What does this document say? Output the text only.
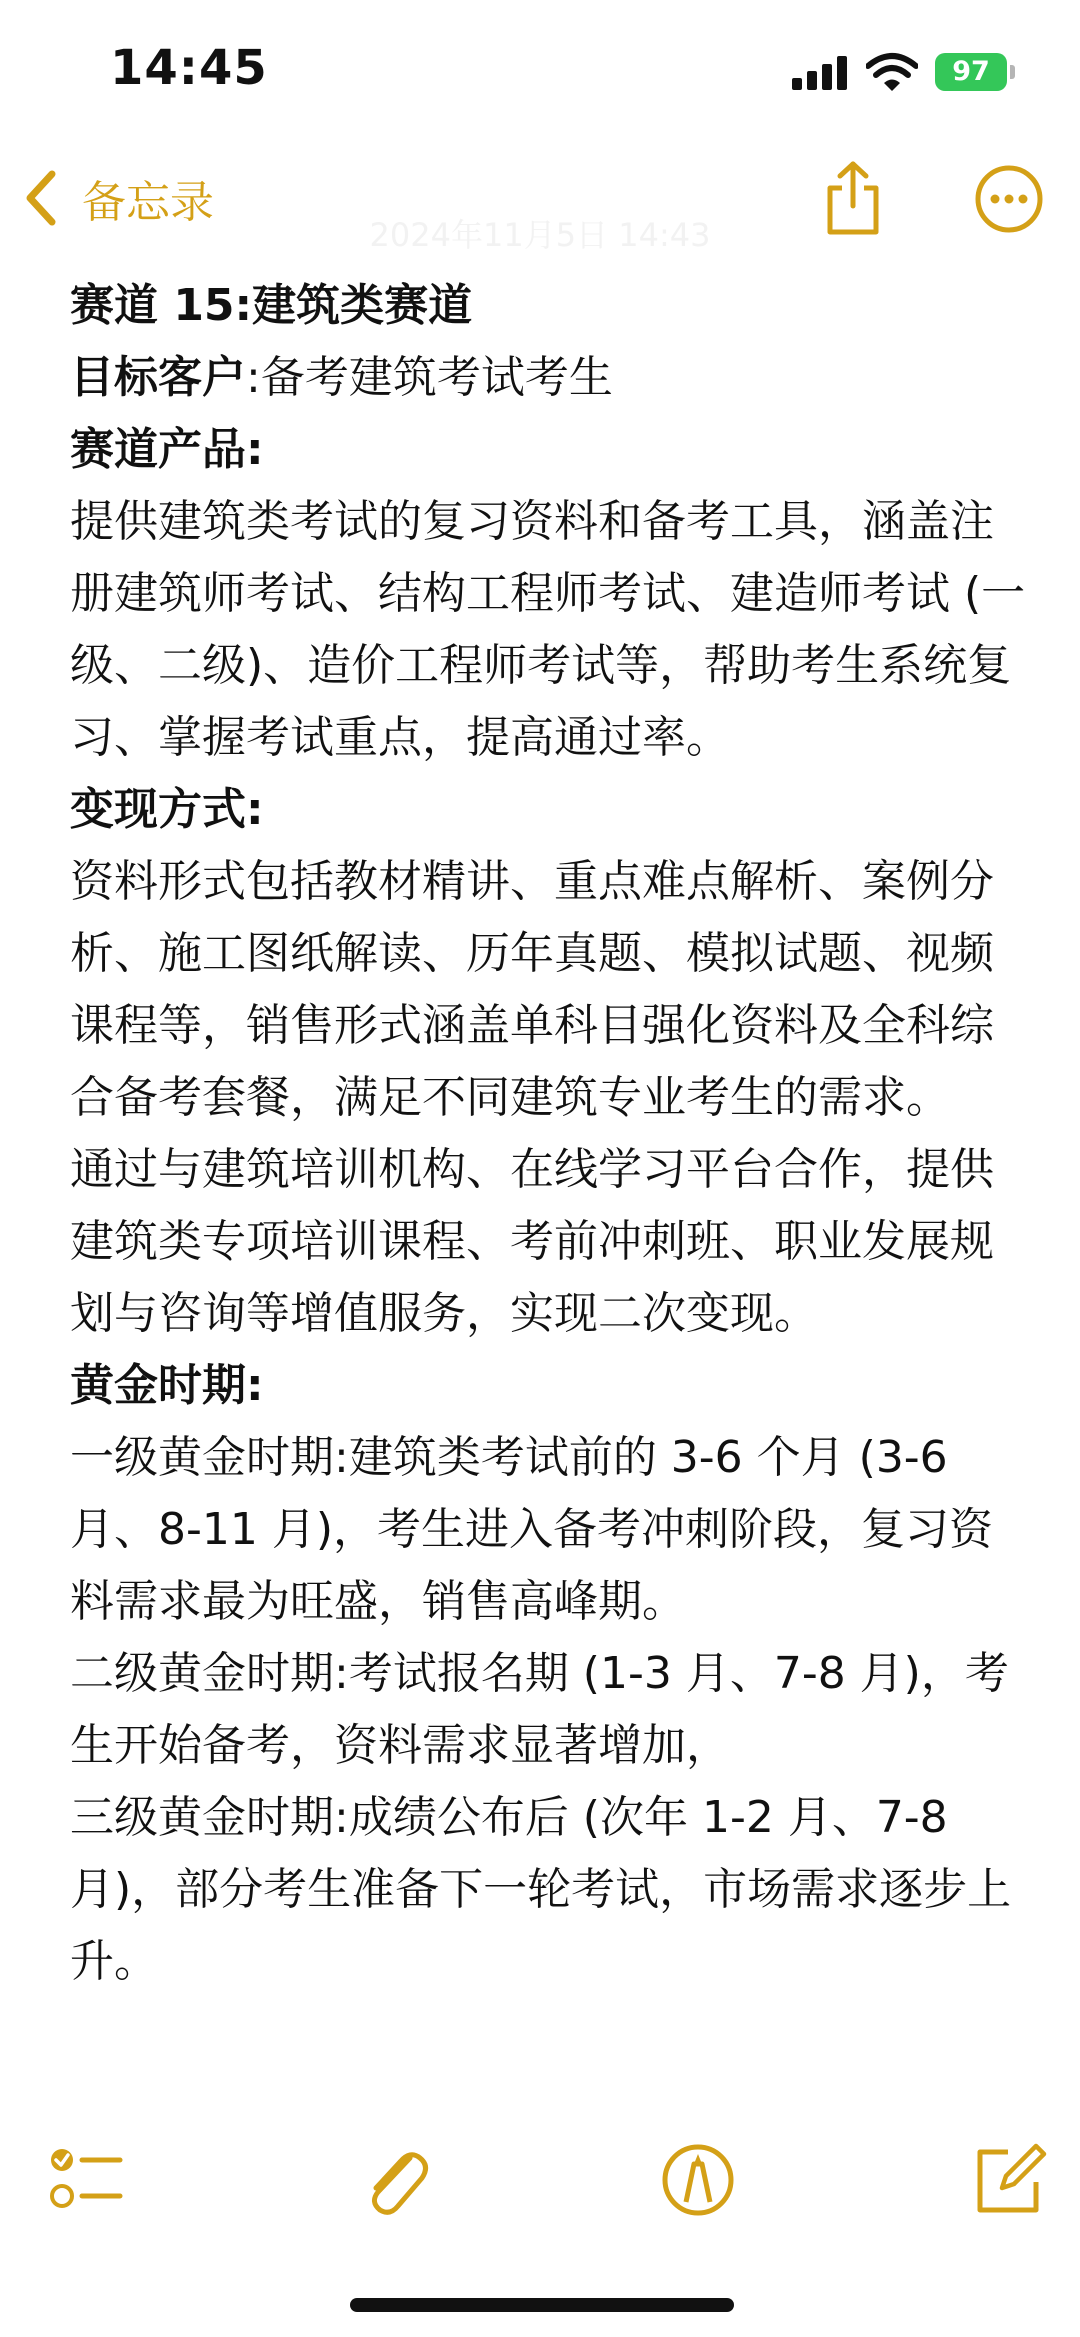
14:45	97
备忘录
2024年11月5日 14:43

赛道 15:建筑类赛道

目标客户:备考建筑考试考生

赛道产品:

提供建筑类考试的复习资料和备考工具，涵盖注册建筑师考试、结构工程师考试、建造师考试 (一级、二级)、造价工程师考试等，帮助考生系统复习、掌握考试重点，提高通过率。

变现方式:

资料形式包括教材精讲、重点难点解析、案例分析、施工图纸解读、历年真题、模拟试题、视频课程等，销售形式涵盖单科目强化资料及全科综合备考套餐，满足不同建筑专业考生的需求。

通过与建筑培训机构、在线学习平台合作，提供建筑类专项培训课程、考前冲刺班、职业发展规划与咨询等增值服务，实现二次变现。

黄金时期:

一级黄金时期:建筑类考试前的 3-6 个月 (3-6 月、8-11 月)，考生进入备考冲刺阶段，复习资料需求最为旺盛，销售高峰期。

二级黄金时期:考试报名期 (1-3 月、7-8 月)，考生开始备考，资料需求显著增加，

三级黄金时期:成绩公布后 (次年 1-2 月、7-8 月)，部分考生准备下一轮考试，市场需求逐步上升。
